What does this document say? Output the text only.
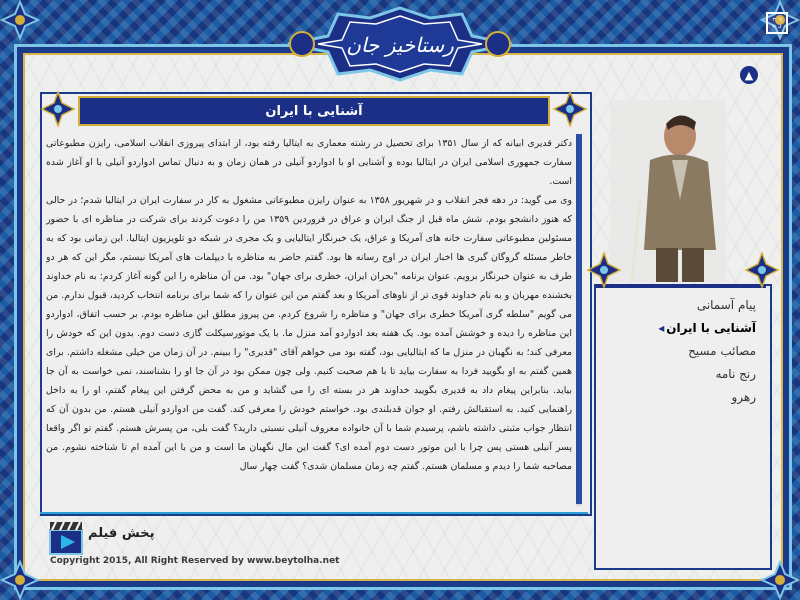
رستاخیز جان
⛶
▲
آشنایی با ایران

دکتر قدیری ابیانه که از سال ۱۳۵۱ برای تحصیل در رشته معماری به ایتالیا رفته بود، از ابتدای پیروزی انقلاب اسلامی، رایزن مطبوعاتی سفارت جمهوری اسلامی ایران در ایتالیا بوده و آشنایی او با ادواردو آنیلی در همان زمان و به دنبال تماس ادواردو آنیلی با او آغاز شده است.

وی می گوید: در دهه فجر انقلاب و در شهریور ۱۳۵۸ به عنوان رایزن مطبوعاتی مشغول به کار در سفارت ایران در ایتالیا شدم؛ در حالی که هنوز دانشجو بودم. شش ماه قبل از جنگ ایران و عراق در فروردین ۱۳۵۹ من را دعوت کردند برای شرکت در مناظره ای با حضور مسئولین مطبوعاتی سفارت خانه های آمریکا و عراق، یک خبرنگار ایتالیایی و یک مجری در شبکه دو تلویزیون ایتالیا. این زمانی بود که به خاطر مسئله گروگان گیری ها اخبار ایران در اوج رسانه ها بود. گفتم حاضر به مناظره با دیپلمات های آمریکا نیستم، مگر این که هر دو طرف به عنوان خبرنگار برویم. عنوان برنامه "بحران ایران، خطری برای جهان" بود. من آن مناظره را این گونه آغاز کردم: به نام خداوند بخشنده مهربان و به نام خداوند قوی تر از ناوهای آمریکا و بعد گفتم من این عنوان را که شما برای برنامه انتخاب کردید، قبول ندارم. من می گویم "سلطه گری آمریکا خطری برای جهان" و مناظره را شروع کردم. من پیروز مطلق این مناظره بودم. بر حسب اتفاق، ادواردو این مناظره را دیده و خوشش آمده بود. یک هفته بعد ادواردو آمد منزل ما. با یک موتورسیکلت گازی دست دوم. بدون این که خودش را معرفی کند؛ به نگهبان در منزل ما که ایتالیایی بود، گفته بود می خواهم آقای "قدیری" را ببینم. در آن زمان من خیلی مشغله داشتم. برای همین گفتم به او بگویید فردا به سفارت بیاید تا با هم صحبت کنیم. ولی چون ممکن بود در آن جا او را بشناسند، نمی خواست به آن جا بیاید. بنابراین پیغام داد به قدیری بگویید خداوند هر در بسته ای را می گشاید و من به محض گرفتن این پیغام گفتم، او را به داخل راهنمایی کنید. به استقبالش رفتم. او جوان قدبلندی بود. خواستم خودش را معرفی کند. گفت من ادواردو آنیلی هستم. من بدون آن که انتظار جواب مثبتی داشته باشم، پرسیدم شما با آن خانواده معروف آنیلی نسبتی دارید؟ گفت بلی، من پسرش هستم. گفتم تو اگر واقعا پسر آنیلی هستی پس چرا با این موتور دست دوم آمده ای؟ گفت این مال نگهبان ما است و من با این آمده ام تا شناخته نشوم. من مصاحبه شما را دیدم و مسلمان هستم. گفتم چه زمان مسلمان شدی؟ گفت چهار سال

پخش فیلم
Copyright 2015, All Right Reserved by www.beytolha.net
پیام آسمانی
آشنایی با ایران ◂
مصائب مسیح
رنج نامه
رهرو
